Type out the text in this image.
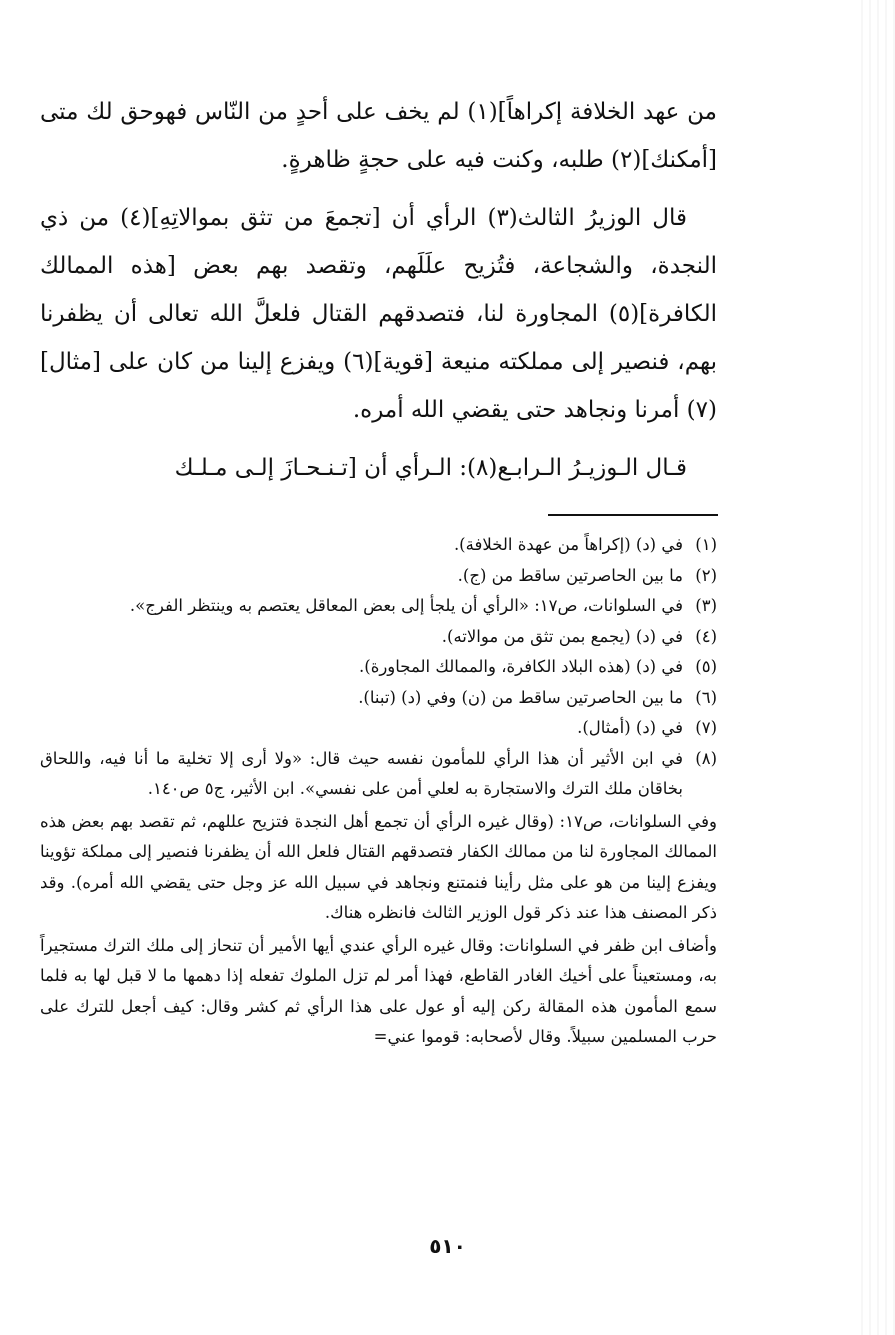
من عهد الخلافة إكراهاً](١) لم يخف على أحدٍ من النّاس فهوحق لك متى [أمكنك](٢) طلبه، وكنت فيه على حجةٍ ظاهرةٍ.

قال الوزيرُ الثالث(٣) الرأي أن [تجمعَ من تثق بموالاتِهِ](٤) من ذي النجدة، والشجاعة، فتُزيح علَلَهم، وتقصد بهم بعض [هذه الممالك الكافرة](٥) المجاورة لنا، فتصدقهم القتال فلعلَّ الله تعالى أن يظفرنا بهم، فنصير إلى مملكته منيعة [قوية](٦) ويفزع إلينا من كان على [مثال](٧) أمرنا ونجاهد حتى يقضي الله أمره.

قـال الـوزيـرُ الـرابـع(٨): الـرأي أن [تـنـحـازَ إلـى مـلـك

(١)
في (د) (إكراهاً من عهدة الخلافة).
(٢)
ما بين الحاصرتين ساقط من (ج).
(٣)
في السلوانات، ص١٧: «الرأي أن يلجأ إلى بعض المعاقل يعتصم به وينتظر الفرج».
(٤)
في (د) (يجمع بمن تثق من موالاته).
(٥)
في (د) (هذه البلاد الكافرة، والممالك المجاورة).
(٦)
ما بين الحاصرتين ساقط من (ن) وفي (د) (تبنا).
(٧)
في (د) (أمثال).
(٨)
في ابن الأثير أن هذا الرأي للمأمون نفسه حيث قال: «ولا أرى إلا تخلية ما أنا فيه، واللحاق بخاقان ملك الترك والاستجارة به لعلي أمن على نفسي». ابن الأثير، ج٥ ص١٤٠.

وفي السلوانات، ص١٧: (وقال غيره الرأي أن تجمع أهل النجدة فتزيح عللهم، ثم تقصد بهم بعض هذه الممالك المجاورة لنا من ممالك الكفار فتصدقهم القتال فلعل الله أن يظفرنا فنصير إلى مملكة تؤوينا ويفزع إلينا من هو على مثل رأينا فنمتنع ونجاهد في سبيل الله عز وجل حتى يقضي الله أمره). وقد ذكر المصنف هذا عند ذكر قول الوزير الثالث فانظره هناك.

وأضاف ابن ظفر في السلوانات: وقال غيره الرأي عندي أيها الأمير أن تنحاز إلى ملك الترك مستجيراً به، ومستعيناً على أخيك الغادر القاطع، فهذا أمر لم تزل الملوك تفعله إذا دهمها ما لا قبل لها به فلما سمع المأمون هذه المقالة ركن إليه أو عول على هذا الرأي ثم كشر وقال: كيف أجعل للترك على حرب المسلمين سبيلاً. وقال لأصحابه: قوموا عني=

٥١٠
